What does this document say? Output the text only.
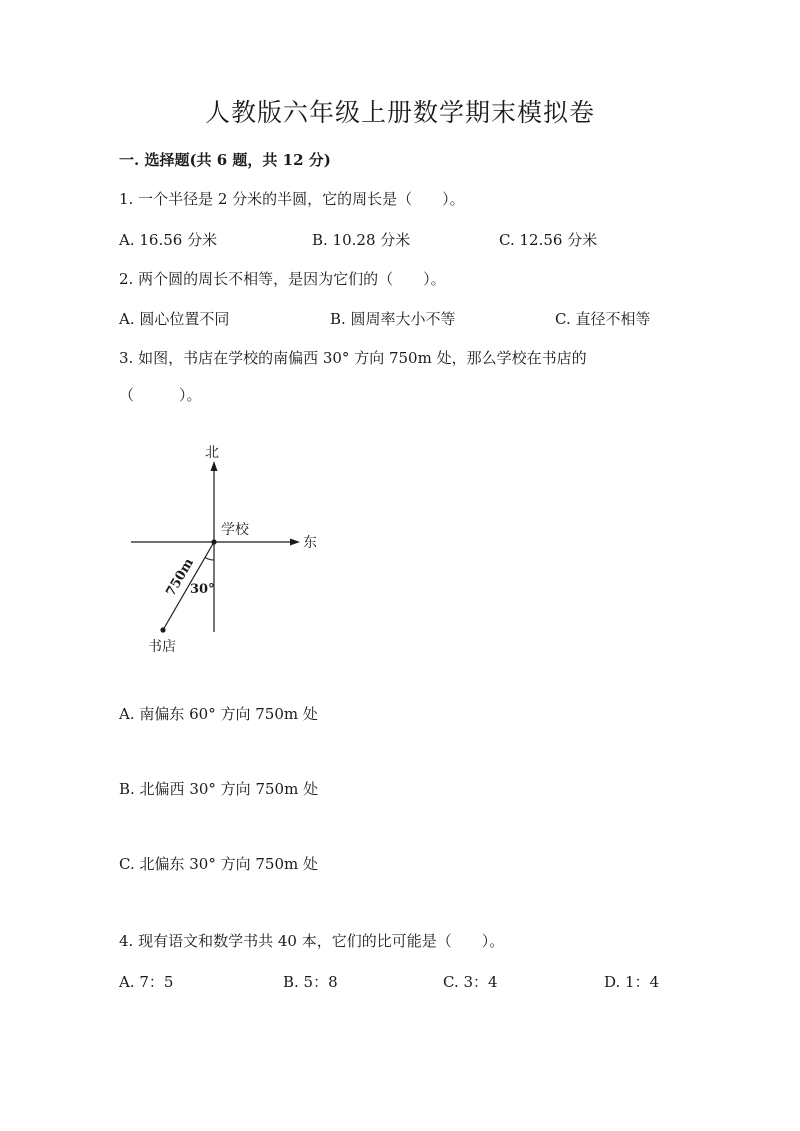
人教版六年级上册数学期末模拟卷
一. 选择题(共 6 题，共 12 分)
1. 一个半径是 2 分米的半圆，它的周长是（　　）。
A. 16.56 分米	B. 10.28 分米	C. 12.56 分米
2. 两个圆的周长不相等，是因为它们的（　　）。
A. 圆心位置不同	B. 圆周率大小不等	C. 直径不相等
3. 如图，书店在学校的南偏西 30° 方向 750m 处，那么学校在书店的
（　　　）。
北
东
学校
书店
750m
30°
A. 南偏东 60° 方向 750m 处
B. 北偏西 30° 方向 750m 处
C. 北偏东 30° 方向 750m 处
4. 现有语文和数学书共 40 本，它们的比可能是（　　）。
A. 7：5	B. 5：8	C. 3：4	D. 1：4
